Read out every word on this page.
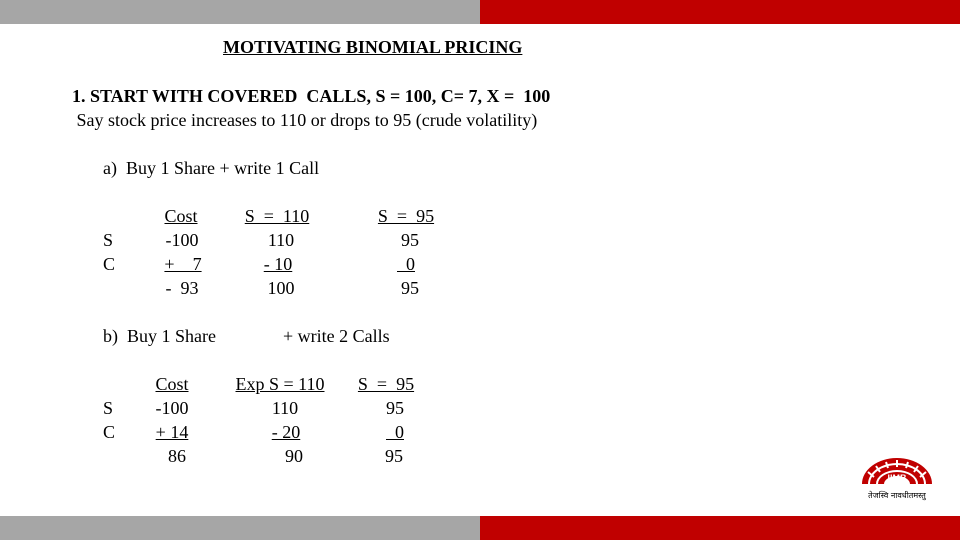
MOTIVATING BINOMIAL PRICING
1. START WITH COVERED  CALLS, S = 100, C= 7, X =  100
Say stock price increases to 110 or drops to 95 (crude volatility)
a)  Buy 1 Share + write 1 Call
S
C
Cost
-100
+    7
-  93
S  =  110
110
- 10
100
S  =  95
95
0
95
b)  Buy 1 Share	+ write 2 Calls
S
C
Cost
-100
+ 14
86
Exp S = 110
110
- 20
90
S  =  95
95
0
95
IIMB
तेजस्वि नावधीतमस्तु
